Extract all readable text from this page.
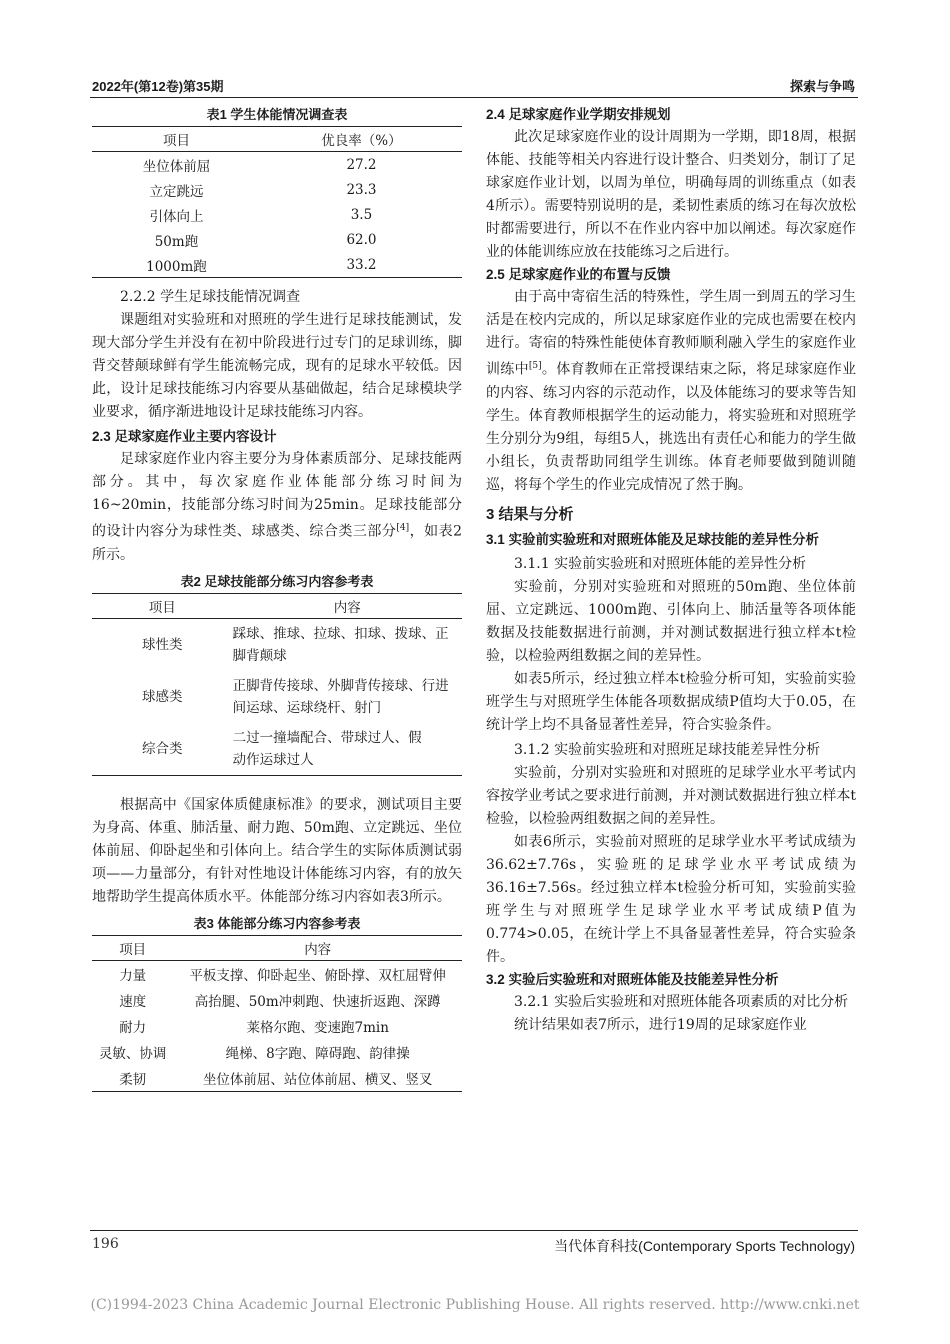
2022年(第12卷)第35期	探索与争鸣

表1 学生体能情况调查表

项目	优良率（%）
坐位体前屈	27.2
立定跳远	23.3
引体向上	3.5
50m跑	62.0
1000m跑	33.2

2.2.2 学生足球技能情况调查

课题组对实验班和对照班的学生进行足球技能测试，发现大部分学生并没有在初中阶段进行过专门的足球训练，脚背交替颠球鲜有学生能流畅完成，现有的足球水平较低。因此，设计足球技能练习内容要从基础做起，结合足球模块学业要求，循序渐进地设计足球技能练习内容。

2.3 足球家庭作业主要内容设计

足球家庭作业内容主要分为身体素质部分、足球技能两部分。其中，每次家庭作业体能部分练习时间为16~20min，技能部分练习时间为25min。足球技能部分的设计内容分为球性类、球感类、综合类三部分[4]，如表2所示。

表2 足球技能部分练习内容参考表

项目	内容
球性类	踩球、推球、拉球、扣球、拨球、正脚背颠球
球感类	正脚背传接球、外脚背传接球、行进间运球、运球绕杆、射门
综合类	二过一撞墙配合、带球过人、假动作运球过人

根据高中《国家体质健康标准》的要求，测试项目主要为身高、体重、肺活量、耐力跑、50m跑、立定跳远、坐位体前屈、仰卧起坐和引体向上。结合学生的实际体质测试弱项——力量部分，有针对性地设计体能练习内容，有的放矢地帮助学生提高体质水平。体能部分练习内容如表3所示。

表3 体能部分练习内容参考表

项目	内容
力量	平板支撑、仰卧起坐、俯卧撑、双杠屈臂伸
速度	高抬腿、50m冲刺跑、快速折返跑、深蹲
耐力	莱格尔跑、变速跑7min
灵敏、协调	绳梯、8字跑、障碍跑、韵律操
柔韧	坐位体前屈、站位体前屈、横叉、竖叉

2.4 足球家庭作业学期安排规划

此次足球家庭作业的设计周期为一学期，即18周，根据体能、技能等相关内容进行设计整合、归类划分，制订了足球家庭作业计划，以周为单位，明确每周的训练重点（如表4所示）。需要特别说明的是，柔韧性素质的练习在每次放松时都需要进行，所以不在作业内容中加以阐述。每次家庭作业的体能训练应放在技能练习之后进行。

2.5 足球家庭作业的布置与反馈

由于高中寄宿生活的特殊性，学生周一到周五的学习生活是在校内完成的，所以足球家庭作业的完成也需要在校内进行。寄宿的特殊性能使体育教师顺利融入学生的家庭作业训练中[5]。体育教师在正常授课结束之际，将足球家庭作业的内容、练习内容的示范动作，以及体能练习的要求等告知学生。体育教师根据学生的运动能力，将实验班和对照班学生分别分为9组，每组5人，挑选出有责任心和能力的学生做小组长，负责帮助同组学生训练。体育老师要做到随训随巡，将每个学生的作业完成情况了然于胸。

3 结果与分析

3.1 实验前实验班和对照班体能及足球技能的差异性分析

3.1.1 实验前实验班和对照班体能的差异性分析

实验前，分别对实验班和对照班的50m跑、坐位体前屈、立定跳远、1000m跑、引体向上、肺活量等各项体能数据及技能数据进行前测，并对测试数据进行独立样本t检验，以检验两组数据之间的差异性。

如表5所示，经过独立样本t检验分析可知，实验前实验班学生与对照班学生体能各项数据成绩P值均大于0.05，在统计学上均不具备显著性差异，符合实验条件。

3.1.2 实验前实验班和对照班足球技能差异性分析

实验前，分别对实验班和对照班的足球学业水平考试内容按学业考试之要求进行前测，并对测试数据进行独立样本t检验，以检验两组数据之间的差异性。

如表6所示，实验前对照班的足球学业水平考试成绩为36.62±7.76s，实验班的足球学业水平考试成绩为36.16±7.56s。经过独立样本t检验分析可知，实验前实验班学生与对照班学生足球学业水平考试成绩P值为0.774>0.05，在统计学上不具备显著性差异，符合实验条件。

3.2 实验后实验班和对照班体能及技能差异性分析

3.2.1 实验后实验班和对照班体能各项素质的对比分析

统计结果如表7所示，进行19周的足球家庭作业

196	当代体育科技(Contemporary Sports Technology)
(C)1994-2023 China Academic Journal Electronic Publishing House. All rights reserved. http://www.cnki.net
